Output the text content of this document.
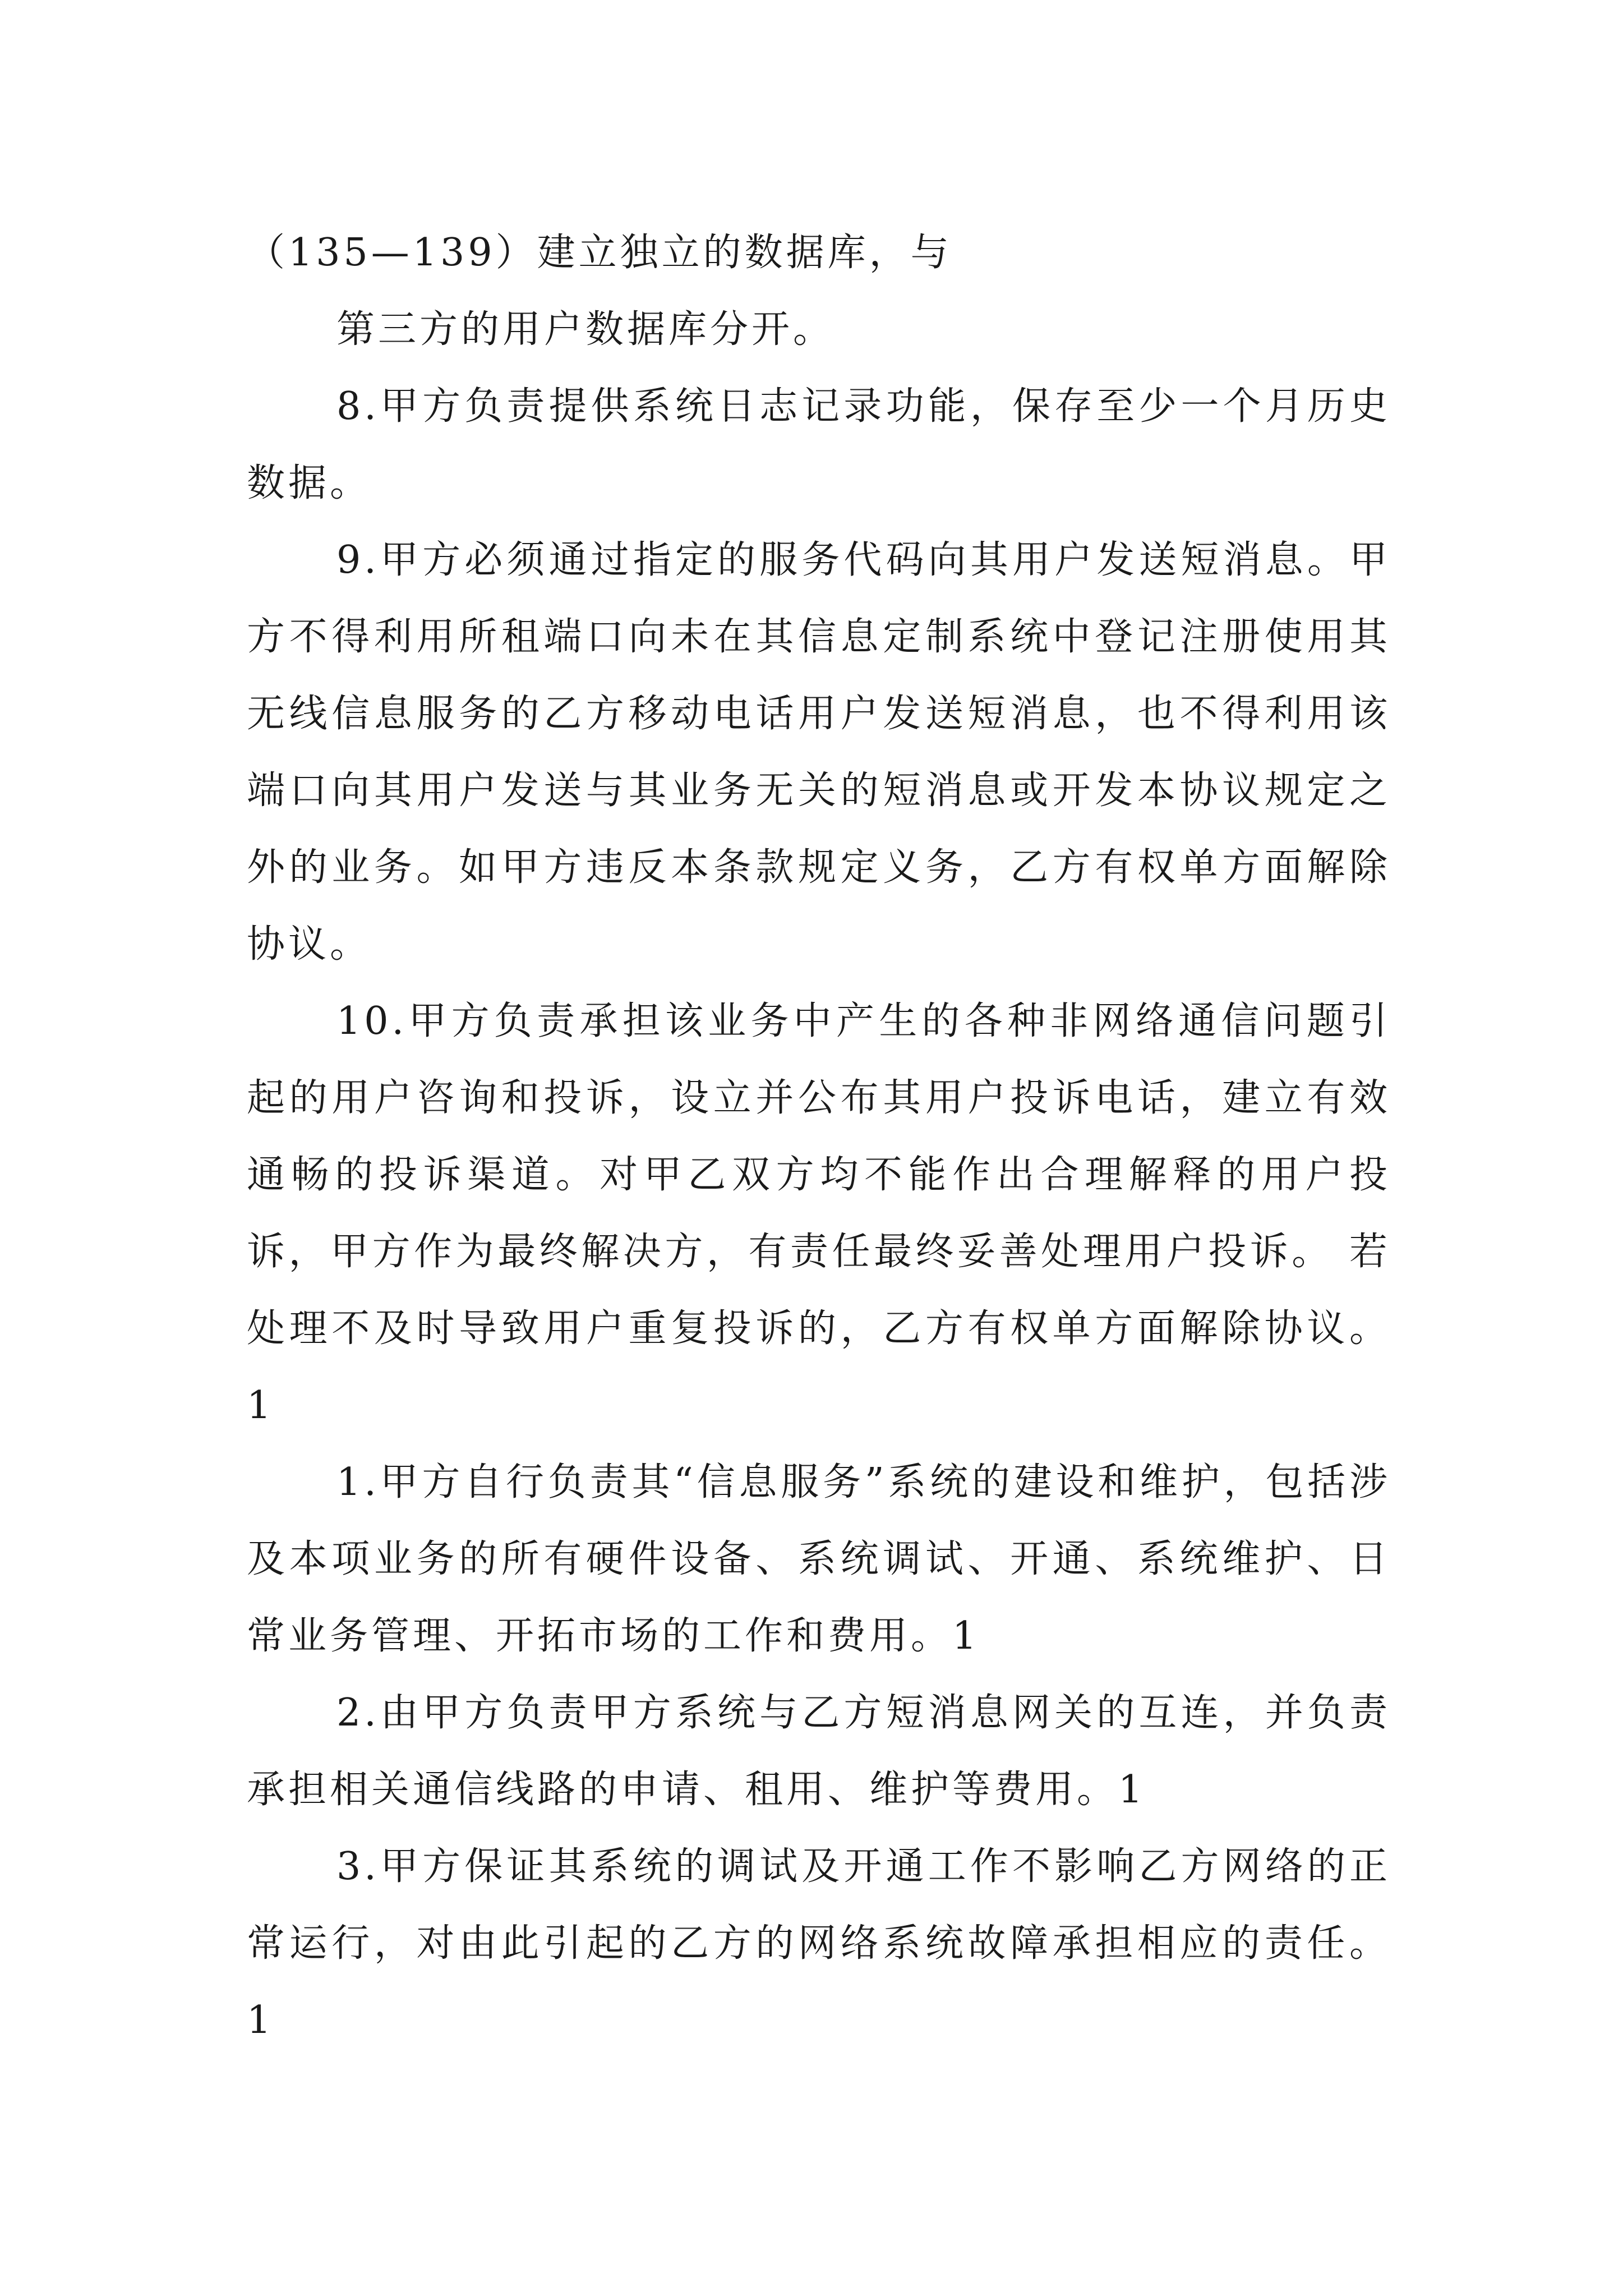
（135—139）建立独立的数据库，与

第三方的用户数据库分开。

8.甲方负责提供系统日志记录功能，保存至少一个月历史数据。

9.甲方必须通过指定的服务代码向其用户发送短消息。甲方不得利用所租端口向未在其信息定制系统中登记注册使用其无线信息服务的乙方移动电话用户发送短消息，也不得利用该端口向其用户发送与其业务无关的短消息或开发本协议规定之外的业务。如甲方违反本条款规定义务，乙方有权单方面解除协议。

10.甲方负责承担该业务中产生的各种非网络通信问题引起的用户咨询和投诉，设立并公布其用户投诉电话，建立有效通畅的投诉渠道。对甲乙双方均不能作出合理解释的用户投诉，甲方作为最终解决方，有责任最终妥善处理用户投诉。 若处理不及时导致用户重复投诉的，乙方有权单方面解除协议。1

1.甲方自行负责其“信息服务”系统的建设和维护，包括涉及本项业务的所有硬件设备、系统调试、开通、系统维护、日常业务管理、开拓市场的工作和费用。1

2.由甲方负责甲方系统与乙方短消息网关的互连，并负责承担相关通信线路的申请、租用、维护等费用。1

3.甲方保证其系统的调试及开通工作不影响乙方网络的正常运行，对由此引起的乙方的网络系统故障承担相应的责任。1
